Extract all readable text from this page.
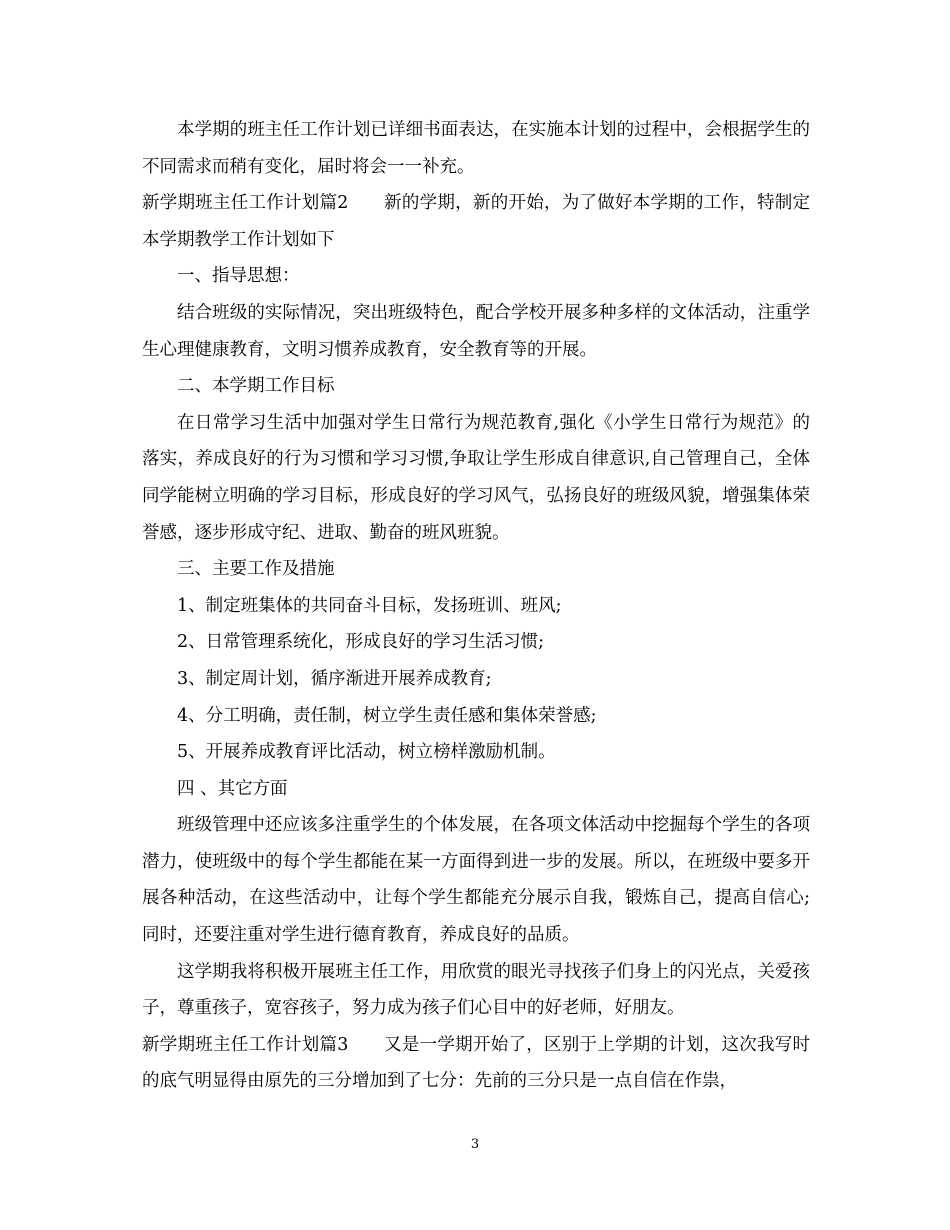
本学期的班主任工作计划已详细书面表达，在实施本计划的过程中，会根据学生的不同需求而稍有变化，届时将会一一补充。

新学期班主任工作计划篇2　　新的学期，新的开始，为了做好本学期的工作，特制定本学期教学工作计划如下

一、指导思想：

结合班级的实际情况，突出班级特色，配合学校开展多种多样的文体活动，注重学生心理健康教育，文明习惯养成教育，安全教育等的开展。

二、本学期工作目标

在日常学习生活中加强对学生日常行为规范教育,强化《小学生日常行为规范》的落实，养成良好的行为习惯和学习习惯,争取让学生形成自律意识,自己管理自己，全体同学能树立明确的学习目标，形成良好的学习风气，弘扬良好的班级风貌，增强集体荣誉感，逐步形成守纪、进取、勤奋的班风班貌。

三、主要工作及措施

1、制定班集体的共同奋斗目标，发扬班训、班风;

2、日常管理系统化，形成良好的学习生活习惯;

3、制定周计划，循序渐进开展养成教育;

4、分工明确，责任制，树立学生责任感和集体荣誉感;

5、开展养成教育评比活动，树立榜样激励机制。

四 、其它方面

班级管理中还应该多注重学生的个体发展，在各项文体活动中挖掘每个学生的各项潜力，使班级中的每个学生都能在某一方面得到进一步的发展。所以，在班级中要多开展各种活动，在这些活动中，让每个学生都能充分展示自我，锻炼自己，提高自信心;同时，还要注重对学生进行德育教育，养成良好的品质。

这学期我将积极开展班主任工作，用欣赏的眼光寻找孩子们身上的闪光点，关爱孩子，尊重孩子，宽容孩子，努力成为孩子们心目中的好老师，好朋友。

新学期班主任工作计划篇3　　又是一学期开始了，区别于上学期的计划，这次我写时的底气明显得由原先的三分增加到了七分：先前的三分只是一点自信在作祟，

3
